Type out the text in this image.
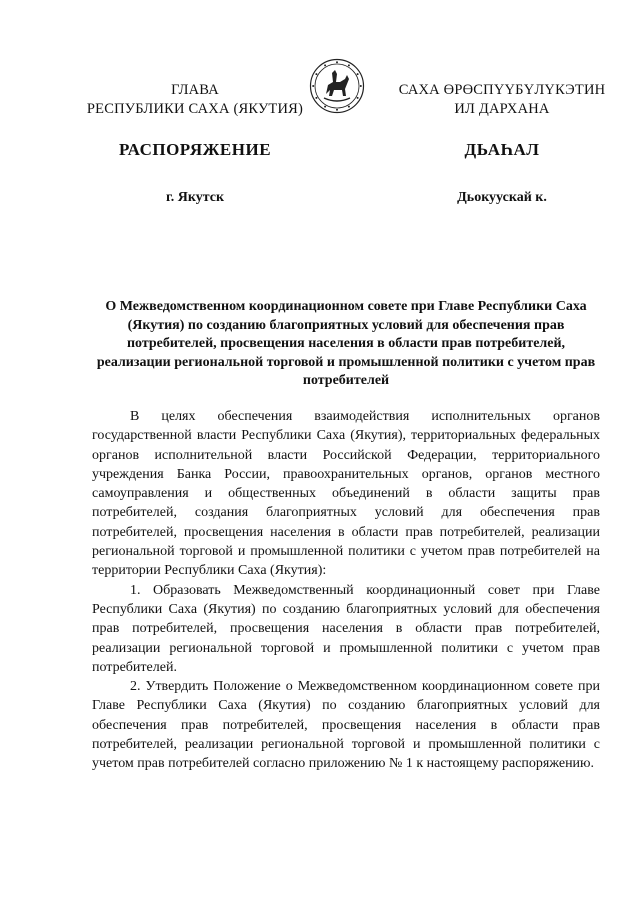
ГЛАВА
РЕСПУБЛИКИ САХА (ЯКУТИЯ)
САХА ӨРӨСПҮҮБҮЛҮКЭТИН
ИЛ ДАРХАНА
РАСПОРЯЖЕНИЕ	ДЬАҺАЛ
г. Якутск	Дьокуускай к.
О Межведомственном координационном совете при Главе Республики Саха (Якутия) по созданию благоприятных условий для обеспечения прав потребителей, просвещения населения в области прав потребителей, реализации региональной торговой и промышленной политики с учетом прав потребителей

В целях обеспечения взаимодействия исполнительных органов государственной власти Республики Саха (Якутия), территориальных федеральных органов исполнительной власти Российской Федерации, территориального учреждения Банка России, правоохранительных органов, органов местного самоуправления и общественных объединений в области защиты прав потребителей, создания благоприятных условий для обеспечения прав потребителей, просвещения населения в области прав потребителей, реализации региональной торговой и промышленной политики с учетом прав потребителей на территории Республики Саха (Якутия):

1. Образовать Межведомственный координационный совет при Главе Республики Саха (Якутия) по созданию благоприятных условий для обеспечения прав потребителей, просвещения населения в области прав потребителей, реализации региональной торговой и промышленной политики с учетом прав потребителей.

2. Утвердить Положение о Межведомственном координационном совете при Главе Республики Саха (Якутия) по созданию благоприятных условий для обеспечения прав потребителей, просвещения населения в области прав потребителей, реализации региональной торговой и промышленной политики с учетом прав потребителей согласно приложению № 1 к настоящему распоряжению.
